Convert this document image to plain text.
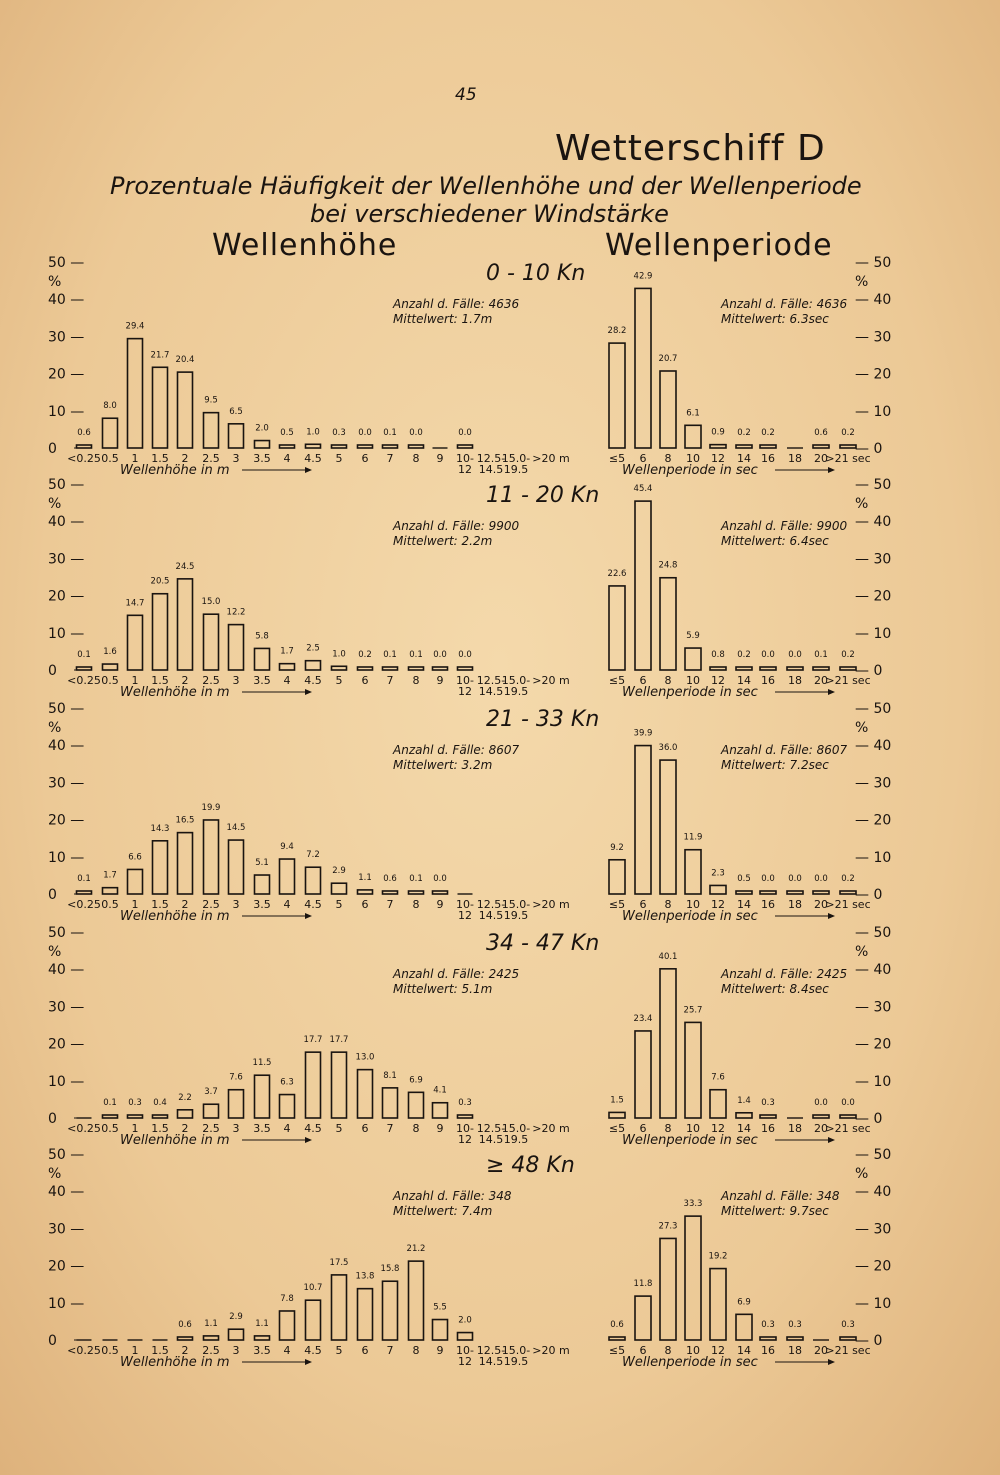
45
Wetterschiff D
Prozentuale Häufigkeit der Wellenhöhe und der Wellenperiode
bei verschiedener Windstärke
Wellenhöhe	Wellenperiode
50 —
%
40 —
30 —
20 —
10 —
0
— 50
%
— 40
— 30
— 20
— 10
— 0
0 - 10 Kn
Anzahl d. Fälle: 4636
Mittelwert: 1.7m
0.6
8.0
29.4
21.7 20.4
9.5
6.5
2.0 0.5 1.0 0.3 0.0 0.1 0.0	0.0
<0.25 0.5 1 1.5 2 2.5 3 3.5 4 4.5 5 6 7 8 9 10-
12
12.5-
14.5
15.0-
19.5
>20 m
Wellenhöhe in m
Anzahl d. Fälle: 4636
Mittelwert: 6.3sec
28.2
42.9
20.7
6.1
0.9 0.2 0.2	0.6 0.2
≤5 6 8 10 12 14 16 18 20
>21 sec
Wellenperiode in sec
50 —
%
40 —
30 —
20 —
10 —
0
— 50
%
— 40
— 30
— 20
— 10
— 0
11 - 20 Kn
Anzahl d. Fälle: 9900
Mittelwert: 2.2m
0.1 1.6
14.7
20.5
24.5
15.0
12.2
5.8
1.7 2.5
1.0 0.2 0.1 0.1 0.0 0.0
<0.25 0.5 1 1.5 2 2.5 3 3.5 4 4.5 5 6 7 8 9 10-
12
12.5-
14.5
15.0-
19.5
>20 m
Wellenhöhe in m
Anzahl d. Fälle: 9900
Mittelwert: 6.4sec
22.6
45.4
24.8
5.9
0.8 0.2 0.0 0.0 0.1 0.2
≤5 6 8 10 12 14 16 18 20
>21 sec
Wellenperiode in sec
50 —
%
40 —
30 —
20 —
10 —
0
— 50
%
— 40
— 30
— 20
— 10
— 0
21 - 33 Kn
Anzahl d. Fälle: 8607
Mittelwert: 3.2m
0.1 1.7
6.6
14.3
16.5
19.9
14.5
5.1
9.4
7.2
2.9
1.1 0.6 0.1 0.0
<0.25 0.5 1 1.5 2 2.5 3 3.5 4 4.5 5 6 7 8 9 10-
12
12.5-
14.5
15.0-
19.5
>20 m
Wellenhöhe in m
Anzahl d. Fälle: 8607
Mittelwert: 7.2sec
9.2
39.9
36.0
11.9
2.3
0.5 0.0 0.0 0.0 0.2
≤5 6 8 10 12 14 16 18 20
>21 sec
Wellenperiode in sec
50 —
%
40 —
30 —
20 —
10 —
0
— 50
%
— 40
— 30
— 20
— 10
— 0
34 - 47 Kn
Anzahl d. Fälle: 2425
Mittelwert: 5.1m
0.1 0.3 0.4
2.2
3.7
7.6
11.5
6.3
17.7 17.7
13.0
8.1 6.9
4.1
0.3
<0.25 0.5 1 1.5 2 2.5 3 3.5 4 4.5 5 6 7 8 9 10-
12
12.5-
14.5
15.0-
19.5
>20 m
Wellenhöhe in m
Anzahl d. Fälle: 2425
Mittelwert: 8.4sec
1.5
23.4
40.1
25.7
7.6
1.4 0.3	0.0 0.0
≤5 6 8 10 12 14 16 18 20
>21 sec
Wellenperiode in sec
50 —
%
40 —
30 —
20 —
10 —
0
— 50
%
— 40
— 30
— 20
— 10
— 0
≥ 48 Kn
Anzahl d. Fälle: 348
Mittelwert: 7.4m
0.6 1.1
2.9
1.1
7.8
10.7
17.5
13.8
15.8
21.2
5.5
2.0
<0.25 0.5 1 1.5 2 2.5 3 3.5 4 4.5 5 6 7 8 9 10-
12
12.5-
14.5
15.0-
19.5
>20 m
Wellenhöhe in m
Anzahl d. Fälle: 348
Mittelwert: 9.7sec
0.6
11.8
27.3
33.3
19.2
6.9
0.3 0.3	0.3
≤5 6 8 10 12 14 16 18 20
>21 sec
Wellenperiode in sec
